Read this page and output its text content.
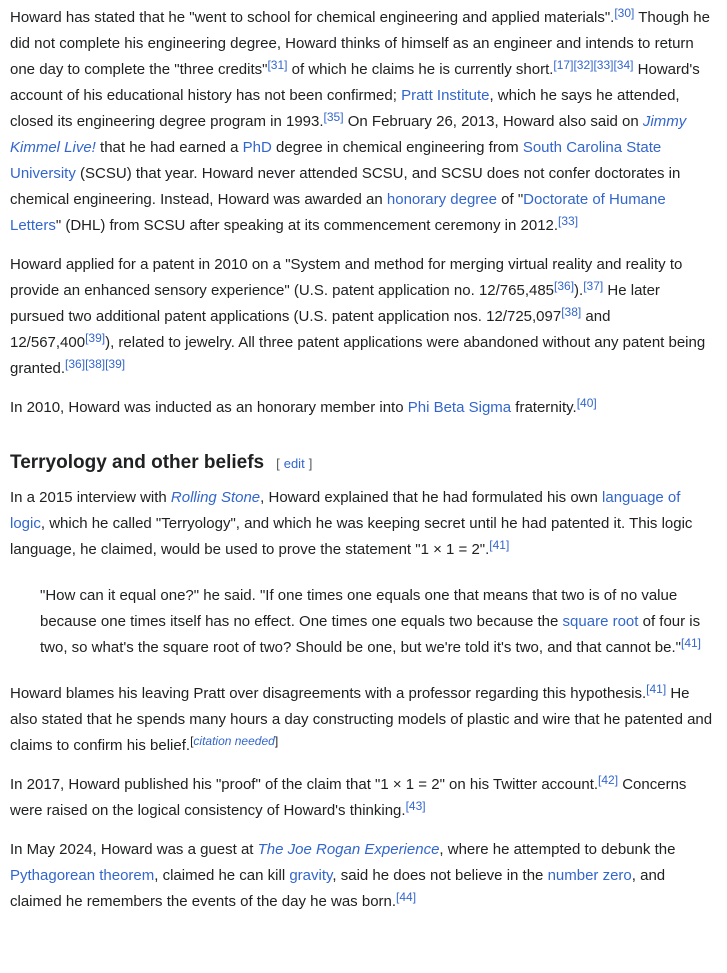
Howard has stated that he "went to school for chemical engineering and applied materials".[30] Though he did not complete his engineering degree, Howard thinks of himself as an engineer and intends to return one day to complete the "three credits"[31] of which he claims he is currently short.[17][32][33][34] Howard's account of his educational history has not been confirmed; Pratt Institute, which he says he attended, closed its engineering degree program in 1993.[35] On February 26, 2013, Howard also said on Jimmy Kimmel Live! that he had earned a PhD degree in chemical engineering from South Carolina State University (SCSU) that year. Howard never attended SCSU, and SCSU does not confer doctorates in chemical engineering. Instead, Howard was awarded an honorary degree of "Doctorate of Humane Letters" (DHL) from SCSU after speaking at its commencement ceremony in 2012.[33]

Howard applied for a patent in 2010 on a "System and method for merging virtual reality and reality to provide an enhanced sensory experience" (U.S. patent application no. 12/765,485[36]).[37] He later pursued two additional patent applications (U.S. patent application nos. 12/725,097[38] and 12/567,400[39]), related to jewelry. All three patent applications were abandoned without any patent being granted.[36][38][39]

In 2010, Howard was inducted as an honorary member into Phi Beta Sigma fraternity.[40]

Terryology and other beliefs [ edit ]

In a 2015 interview with Rolling Stone, Howard explained that he had formulated his own language of logic, which he called "Terryology", and which he was keeping secret until he had patented it. This logic language, he claimed, would be used to prove the statement "1 × 1 = 2".[41]

"How can it equal one?" he said. "If one times one equals one that means that two is of no value because one times itself has no effect. One times one equals two because the square root of four is two, so what's the square root of two? Should be one, but we're told it's two, and that cannot be."[41]

Howard blames his leaving Pratt over disagreements with a professor regarding this hypothesis.[41] He also stated that he spends many hours a day constructing models of plastic and wire that he patented and claims to confirm his belief.[citation needed]

In 2017, Howard published his "proof" of the claim that "1 × 1 = 2" on his Twitter account.[42] Concerns were raised on the logical consistency of Howard's thinking.[43]

In May 2024, Howard was a guest at The Joe Rogan Experience, where he attempted to debunk the Pythagorean theorem, claimed he can kill gravity, said he does not believe in the number zero, and claimed he remembers the events of the day he was born.[44]
